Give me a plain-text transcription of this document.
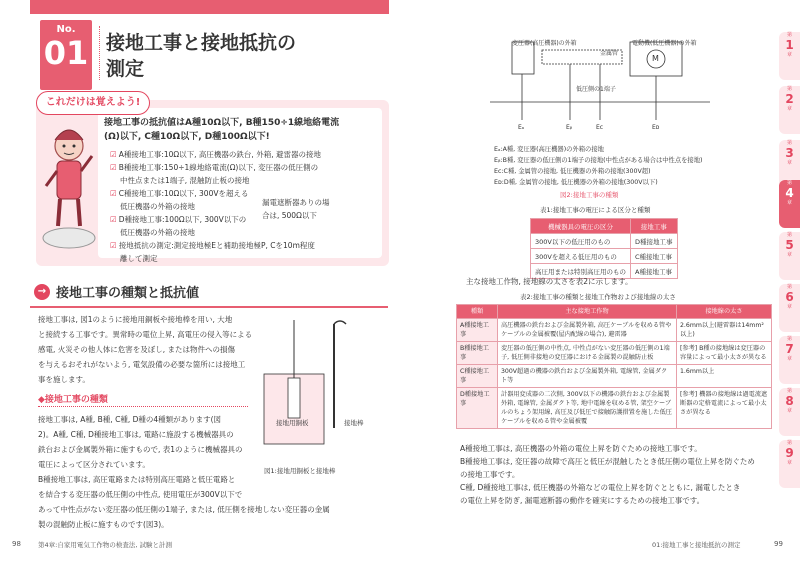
No.
01 接地工事と接地抵抗の
測定
これだけは覚えよう!
接地工事の抵抗値はA種10Ω以下, B種150÷1線地絡電流
(Ω)以下, C種10Ω以下, D種100Ω以下!
☑ A種接地工事:10Ω以下, 高圧機器の鉄台, 外箱, 避雷器の接地
☑ B種接地工事:150÷1線地絡電流(Ω)以下, 変圧器の低圧側の
中性点または1端子, 混触防止板の接地
☑ C種接地工事:10Ω以下, 300Vを超える
低圧機器の外箱の接地
☑ D種接地工事:100Ω以下, 300V以下の
低圧機器の外箱の接地
☑ 接地抵抗の測定:測定接地極Eと補助接地極P, Cを10m程度
離して測定
漏電遮断器ありの場
合は, 500Ω以下
→ 接地工事の種類と抵抗値
接地工事は, 図1のように接地用銅板や接地棒を用い, 大地
と接続する工事です。異常時の電位上昇, 高電圧の侵入等による
感電, 火災その他人体に危害を及ぼし, または物件への損傷
を与えるおそれがないよう, 電気設備の必要な箇所には接地工
事を施します。
◆接地工事の種類
接地工事は, A種, B種, C種, D種の4種類があります(図
2)。A種, C種, D種接地工事は, 電路に施設する機械器具の
鉄台および金属製外箱に施すもので, 表1のように機械器具の
電圧によって区分されています。
B種接地工事は, 高圧電路または特別高圧電路と低圧電路と
を結合する変圧器の低圧側の中性点, 使用電圧が300V以下で
あって中性点がない変圧器の低圧側の1端子, または, 低圧側を接地しない変圧器の金属
製の混触防止板に施すものです(図3)。
接地用銅板	接地棒
図1:接地用銅板と接地棒
98	第4章:自家用電気工作物の検査法, 試験と計測
変圧器(高圧機器)の外箱
金属管
電動機(低圧機器)の外箱
低圧側の1端子
M
Eₐ	Eᵦ	Eᴄ	Eᴅ
Eₐ:A種, 変圧器(高圧機器)の外箱の接地
Eᵦ:B種, 変圧器の低圧側の1端子の接地(中性点がある場合は中性点を接地)
Eᴄ:C種, 金属管の接地, 低圧機器の外箱の接地(300V超)
Eᴅ:D種, 金属管の接地, 低圧機器の外箱の接地(300V以下)
図2:接地工事の種類
表1:接地工事の電圧による区分と種類
機械器具の電圧の区分	接地工事
300V以下の低圧用のもの	D種接地工事
300Vを超える低圧用のもの	C種接地工事
高圧用または特別高圧用のもの	A種接地工事
主な接地工作物, 接地線の太さを表2に示します。
表2:接地工事の種類と接地工作物および接地線の太さ
種類	主な接地工作物	接地線の太さ
A種接地工事	高圧機器の鉄台および金属製外箱, 高圧ケーブルを収める管やケーブルの金属被覆(屋内配線の場合), 避雷器	2.6mm以上(避雷器は14mm²以上)
B種接地工事	変圧器の低圧側の中性点, 中性点がない変圧器の低圧側の1端子, 低圧側非接地の変圧器における金属製の混触防止板	[参考] B種の接地線は変圧器の容量によって最小太さが異なる
C種接地工事	300V超過の機器の鉄台および金属製外箱, 電線管, 金属ダクト等	1.6mm以上
D種接地工事	計器用変成器の二次側, 300V以下の機器の鉄台および金属製外箱, 電線管, 金属ダクト等, 地中電線を収める管, 架空ケーブルのちょう架用線, 高圧及び低圧で接触防護措置を施した低圧ケーブルを収める管や金属被覆	[参考] 機器の接地線は過電流遮断器の定格電流によって最小太さが異なる
A種接地工事は, 高圧機器の外箱の電位上昇を防ぐための接地工事です。
B種接地工事は, 変圧器の故障で高圧と低圧が混触したとき低圧側の電位上昇を防ぐため
の接地工事です。
C種, D種接地工事は, 低圧機器の外箱などの電位上昇を防ぐとともに, 漏電したとき
の電位上昇を防ぎ, 漏電遮断器の動作を確実にするための接地工事です。
01:接地工事と接地抵抗の測定	99
第
1
章
第
2
章
第
3
章
第
4
章
第
5
章
第
6
章
第
7
章
第
8
章
第
9
章
